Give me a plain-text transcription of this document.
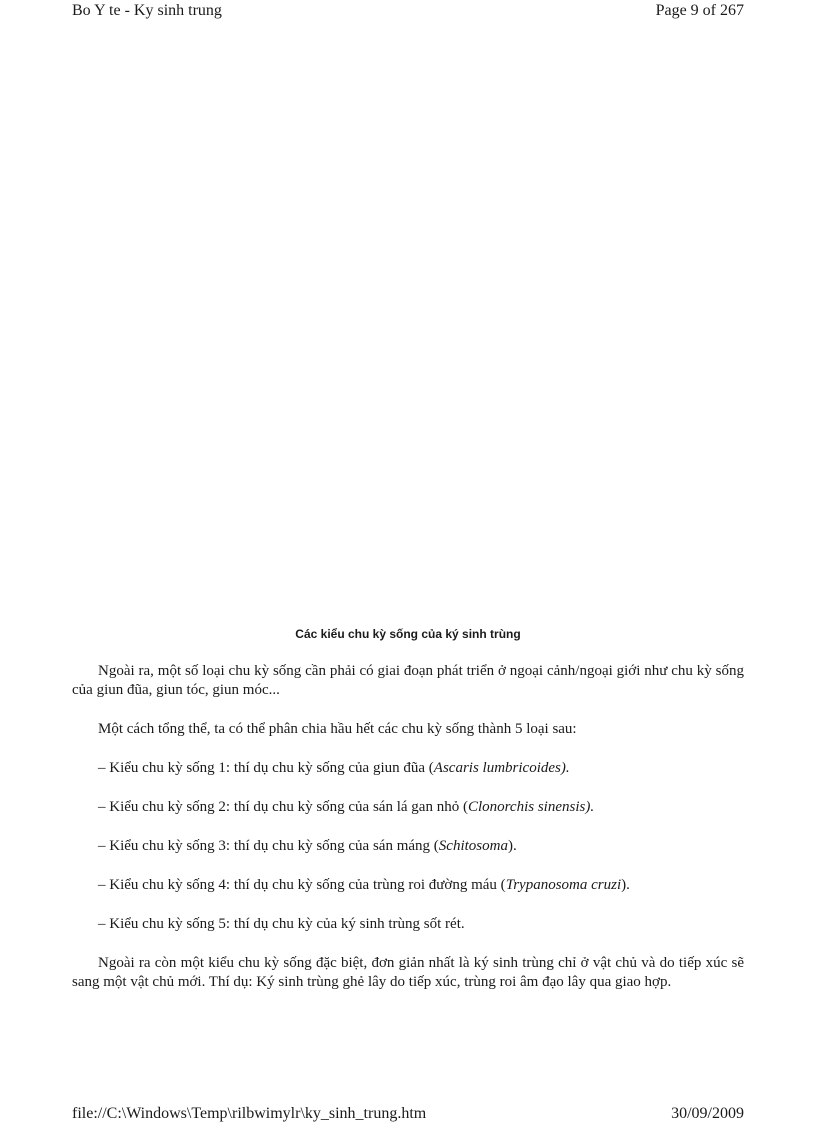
Bo Y te - Ky sinh trung	Page 9 of 267
Các kiểu chu kỳ sống của ký sinh trùng

Ngoài ra, một số loại chu kỳ sống cần phải có giai đoạn phát triển ở ngoại cảnh/ngoại giới như chu kỳ sống của giun đũa, giun tóc, giun móc...

Một cách tổng thể, ta có thể phân chia hầu hết các chu kỳ sống thành 5 loại sau:

– Kiểu chu kỳ sống 1: thí dụ chu kỳ sống của giun đũa (Ascaris lumbricoides).

– Kiểu chu kỳ sống 2: thí dụ chu kỳ sống của sán lá gan nhỏ (Clonorchis sinensis).

– Kiểu chu kỳ sống 3: thí dụ chu kỳ sống của sán máng (Schitosoma).

– Kiểu chu kỳ sống 4: thí dụ chu kỳ sống của trùng roi đường máu (Trypanosoma cruzi).

– Kiểu chu kỳ sống 5: thí dụ chu kỳ của ký sinh trùng sốt rét.

Ngoài ra còn một kiểu chu kỳ sống đặc biệt, đơn giản nhất là ký sinh trùng chỉ ở vật chủ và do tiếp xúc sẽ sang một vật chủ mới. Thí dụ: Ký sinh trùng ghẻ lây do tiếp xúc, trùng roi âm đạo lây qua giao hợp.

file://C:\Windows\Temp\rilbwimylr\ky_sinh_trung.htm	30/09/2009
